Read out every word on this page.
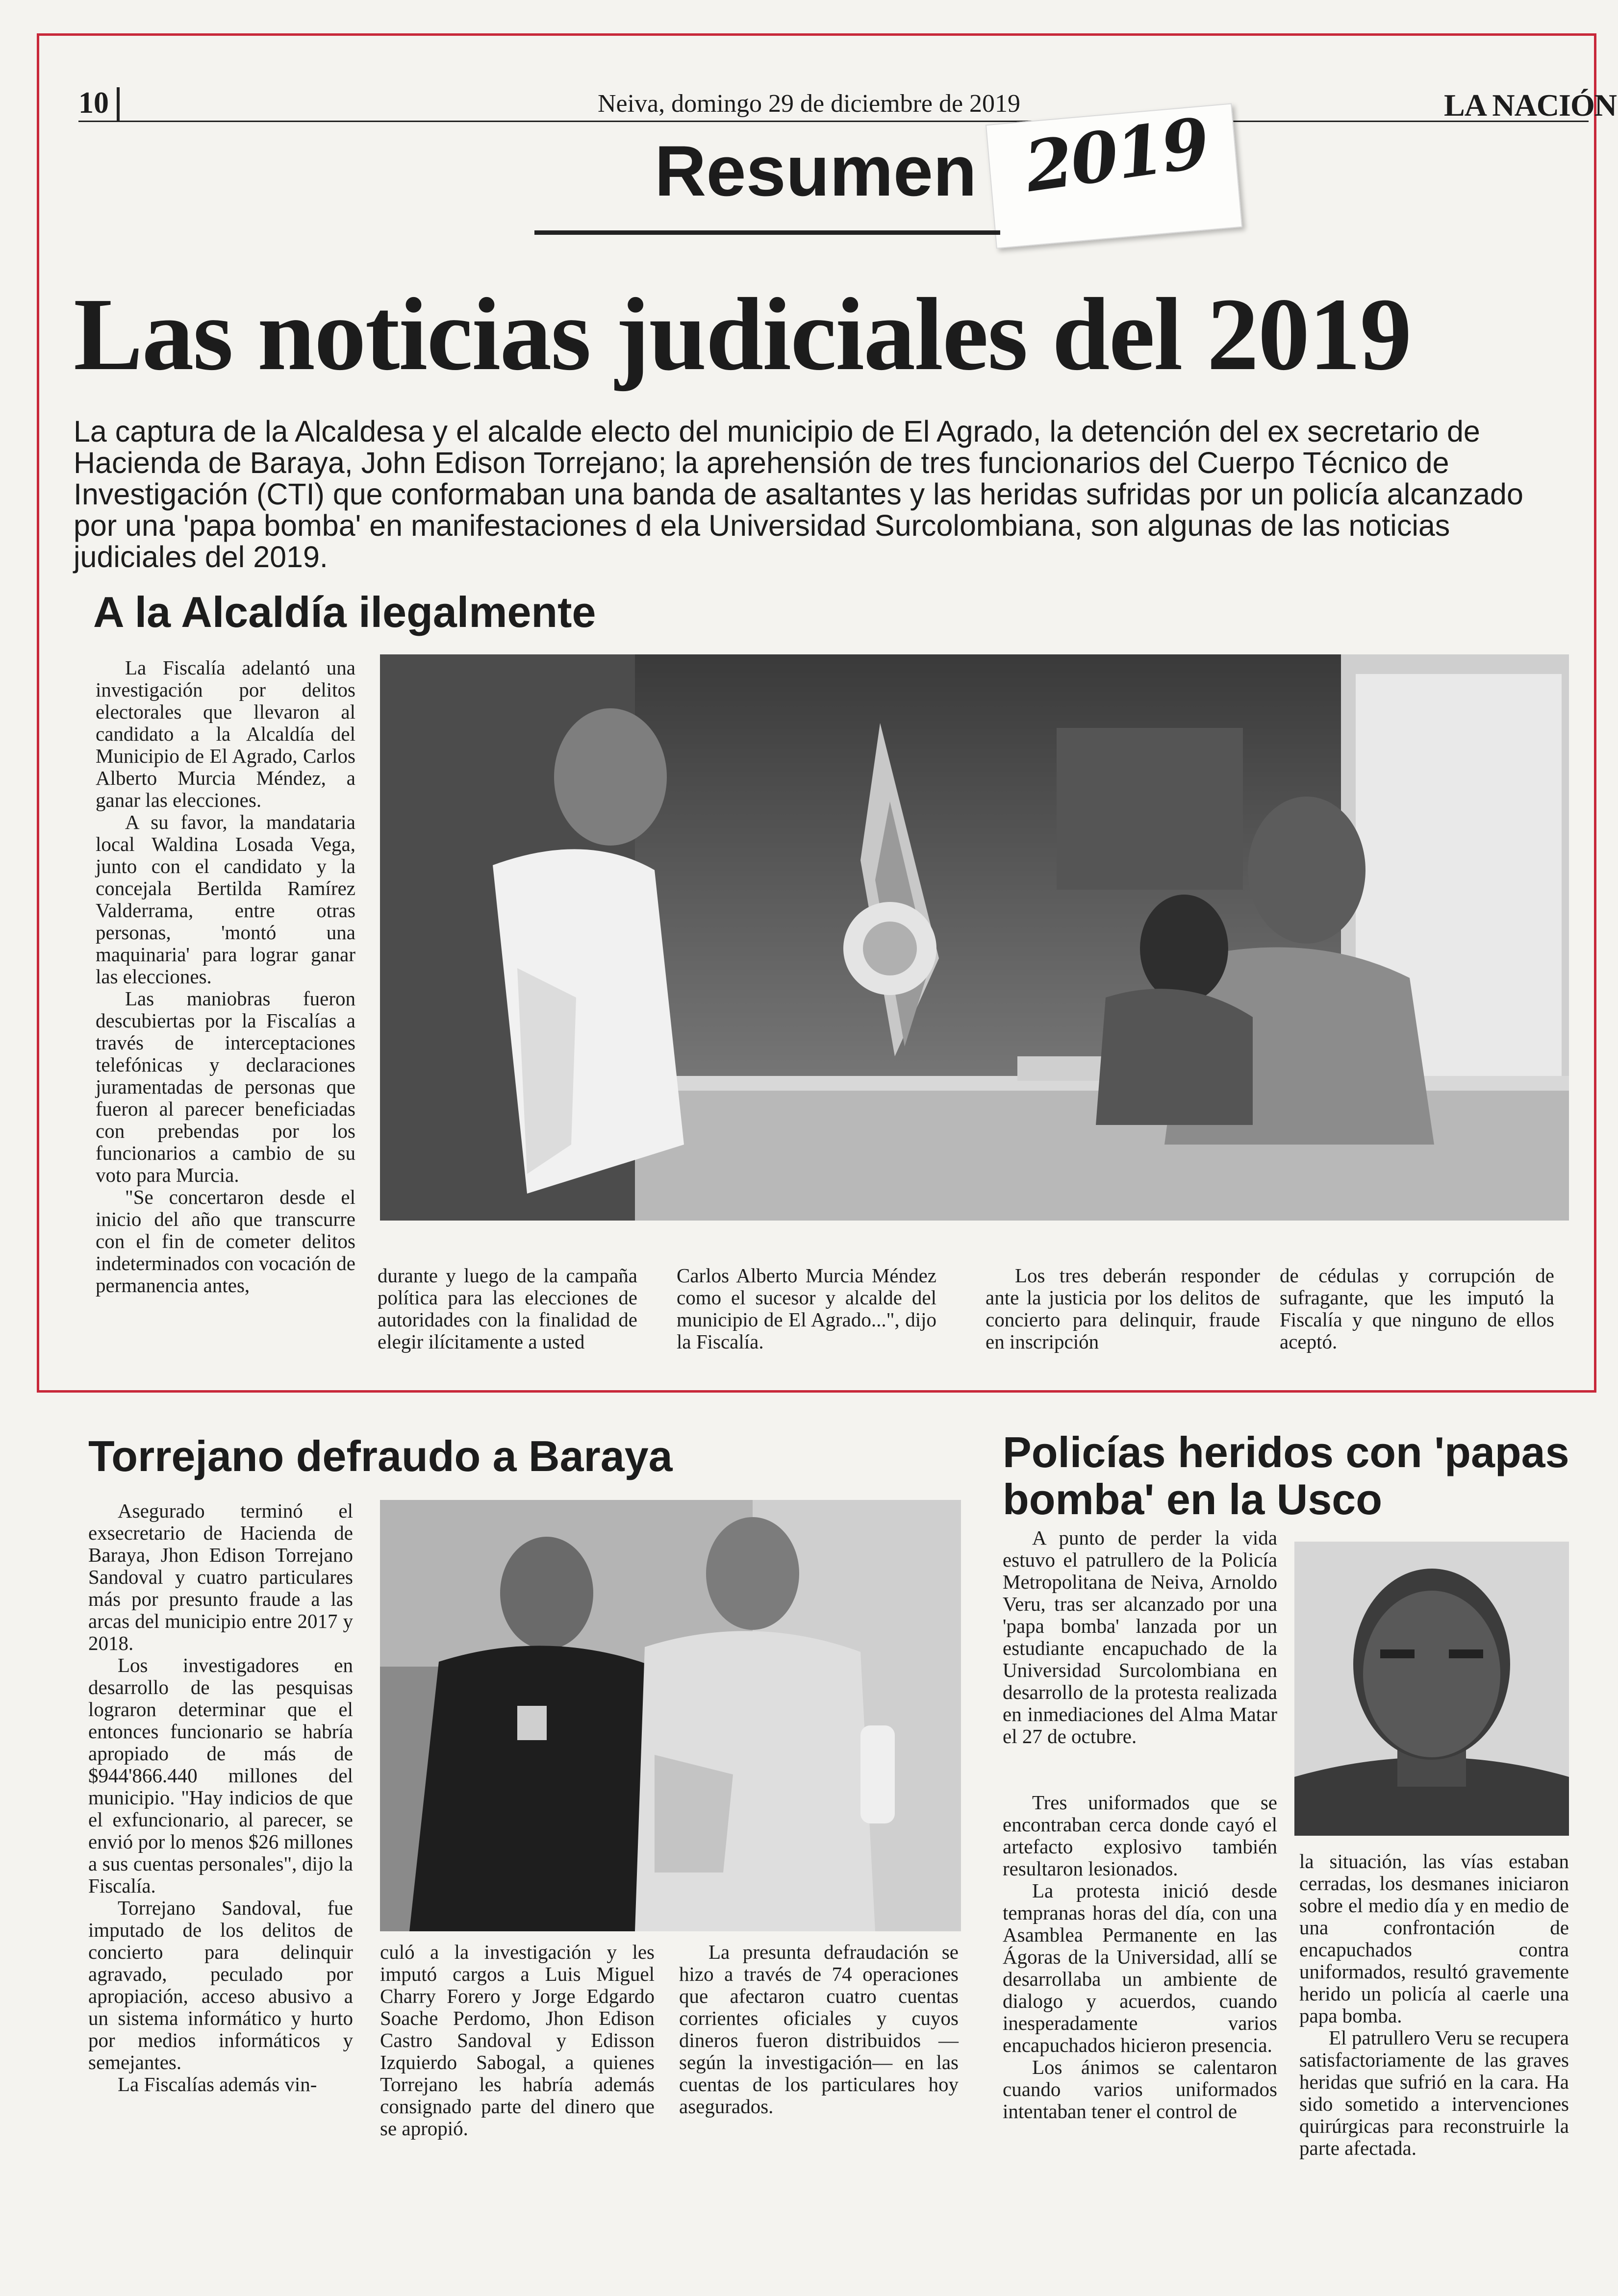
10	Neiva, domingo 29 de diciembre de 2019	LA NACIÓN
Resumen 2019
Las noticias judiciales del 2019
La captura de la Alcaldesa y el alcalde electo del municipio de El Agrado, la detención del ex secretario de Hacienda de Baraya, John Edison Torrejano; la aprehensión de tres funcionarios del Cuerpo Técnico de Investigación (CTI) que conformaban una banda de asaltantes y las heridas sufridas por un policía alcanzado por una 'papa bomba' en manifestaciones d ela Universidad Surcolombiana, son algunas de las noticias judiciales del 2019.
A la Alcaldía ilegalmente

La Fiscalía adelantó una investigación por delitos electorales que llevaron al candidato a la Alcaldía del Municipio de El Agrado, Carlos Alberto Murcia Méndez, a ganar las elecciones.

A su favor, la mandataria local Waldina Losada Vega, junto con el candidato y la concejala Bertilda Ramírez Valderrama, entre otras personas, 'montó una maquinaria' para lograr ganar las elecciones.

Las maniobras fueron descubiertas por la Fiscalías a través de interceptaciones telefónicas y declaraciones juramentadas de personas que fueron al parecer beneficiadas con prebendas por los funcionarios a cambio de su voto para Murcia.

"Se concertaron desde el inicio del año que transcurre con el fin de cometer delitos indeterminados con vocación de permanencia antes,	durante y luego de la campaña política para las elecciones de autoridades con la finalidad de elegir ilícitamente a usted

Carlos Alberto Murcia Méndez como el sucesor y alcalde del municipio de El Agrado...", dijo la Fiscalía.

Los tres deberán responder ante la justicia por los delitos de concierto para delinquir, fraude en inscripción

de cédulas y corrupción de sufragante, que les imputó la Fiscalía y que ninguno de ellos aceptó.

Torrejano defraudo a Baraya

Asegurado terminó el exsecretario de Hacienda de Baraya, Jhon Edison Torrejano Sandoval y cuatro particulares más por presunto fraude a las arcas del municipio entre 2017 y 2018.

Los investigadores en desarrollo de las pesquisas lograron determinar que el entonces funcionario se habría apropiado de más de $944'866.440 millones del municipio. "Hay indicios de que el exfuncionario, al parecer, se envió por lo menos $26 millones a sus cuentas personales", dijo la Fiscalía.

Torrejano Sandoval, fue imputado de los delitos de concierto para delinquir agravado, peculado por apropiación, acceso abusivo a un sistema informático y hurto por medios informáticos y semejantes.

La Fiscalías además vin-

culó a la investigación y les imputó cargos a Luis Miguel Charry Forero y Jorge Edgardo Soache Perdomo, Jhon Edison Castro Sandoval y Edisson Izquierdo Sabogal, a quienes Torrejano les habría además consignado parte del dinero que se apropió.

La presunta defraudación se hizo a través de 74 operaciones que afectaron cuatro cuentas corrientes oficiales y cuyos dineros fueron distribuidos —según la investigación— en las cuentas de los particulares hoy asegurados.

Policías heridos con 'papas
bomba' en la Usco

A punto de perder la vida estuvo el patrullero de la Policía Metropolitana de Neiva, Arnoldo Veru, tras ser alcanzado por una 'papa bomba' lanzada por un estudiante encapuchado de la Universidad Surcolombiana en desarrollo de la protesta realizada en inmediaciones del Alma Matar el 27 de octubre.

Tres uniformados que se encontraban cerca donde cayó el artefacto explosivo también resultaron lesionados.

La protesta inició desde tempranas horas del día, con una Asamblea Permanente en las Ágoras de la Universidad, allí se desarrollaba un ambiente de dialogo y acuerdos, cuando inesperadamente varios encapuchados hicieron presencia.

Los ánimos se calentaron cuando varios uniformados intentaban tener el control de

la situación, las vías estaban cerradas, los desmanes iniciaron sobre el medio día y en medio de una confrontación de encapuchados contra uniformados, resultó gravemente herido un policía al caerle una papa bomba.

El patrullero Veru se recupera satisfactoriamente de las graves heridas que sufrió en la cara. Ha sido sometido a intervenciones quirúrgicas para reconstruirle la parte afectada.
